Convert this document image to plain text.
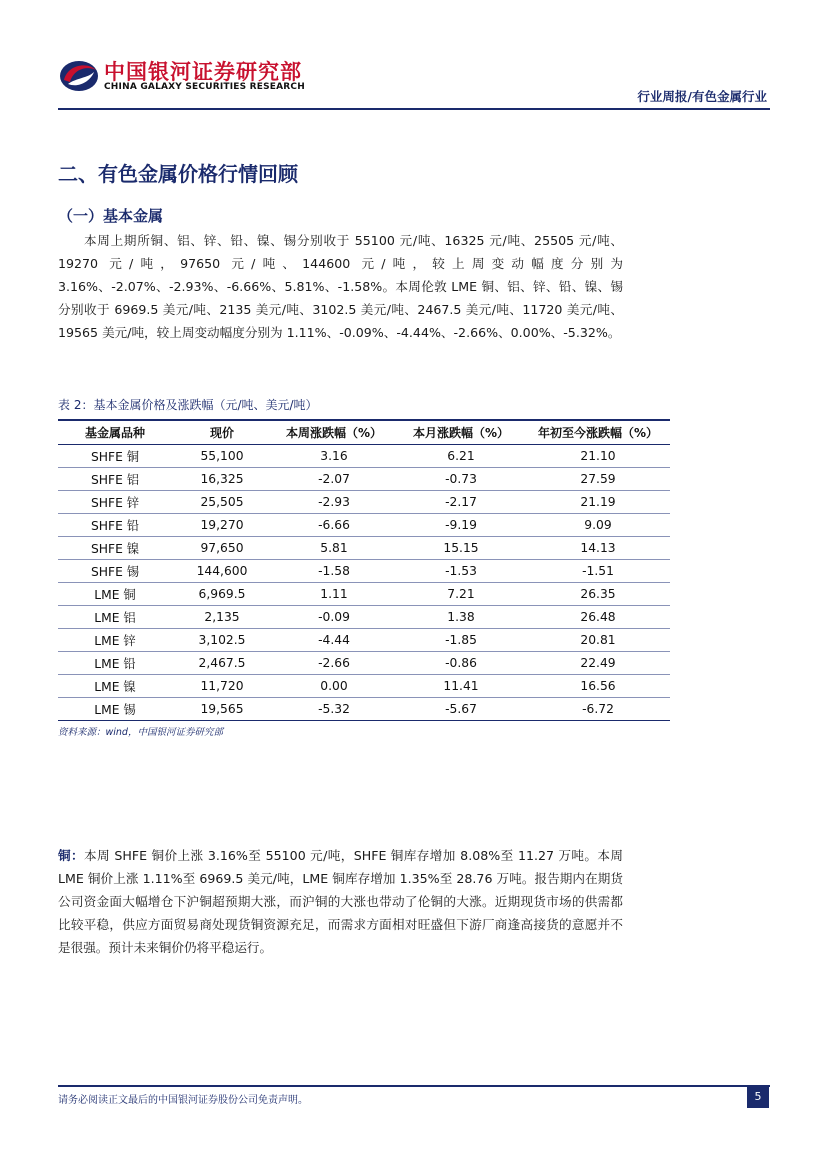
中国银河证券研究部
CHINA GALAXY SECURITIES RESEARCH
行业周报/有色金属行业
二、有色金属价格行情回顾
（一）基本金属

本周上期所铜、铝、锌、铅、镍、锡分别收于 55100 元/吨、16325 元/吨、25505 元/吨、19270 元/吨，97650 元/吨、144600 元/吨，较上周变动幅度分别为 3.16%、-2.07%、-2.93%、-6.66%、5.81%、-1.58%。本周伦敦 LME 铜、铝、锌、铅、镍、锡分别收于 6969.5 美元/吨、2135 美元/吨、3102.5 美元/吨、2467.5 美元/吨、11720 美元/吨、19565 美元/吨，较上周变动幅度分别为 1.11%、-0.09%、-4.44%、-2.66%、0.00%、-5.32%。

表 2：基本金属价格及涨跌幅（元/吨、美元/吨）
基金属品种	现价	本周涨跌幅（%）	本月涨跌幅（%）	年初至今涨跌幅（%）
SHFE 铜	55,100	3.16	6.21	21.10
SHFE 铝	16,325	-2.07	-0.73	27.59
SHFE 锌	25,505	-2.93	-2.17	21.19
SHFE 铅	19,270	-6.66	-9.19	9.09
SHFE 镍	97,650	5.81	15.15	14.13
SHFE 锡	144,600	-1.58	-1.53	-1.51
LME 铜	6,969.5	1.11	7.21	26.35
LME 铝	2,135	-0.09	1.38	26.48
LME 锌	3,102.5	-4.44	-1.85	20.81
LME 铅	2,467.5	-2.66	-0.86	22.49
LME 镍	11,720	0.00	11.41	16.56
LME 锡	19,565	-5.32	-5.67	-6.72
资料来源：wind，中国银河证券研究部

铜：本周 SHFE 铜价上涨 3.16%至 55100 元/吨，SHFE 铜库存增加 8.08%至 11.27 万吨。本周 LME 铜价上涨 1.11%至 6969.5 美元/吨，LME 铜库存增加 1.35%至 28.76 万吨。报告期内在期货公司资金面大幅增仓下沪铜超预期大涨，而沪铜的大涨也带动了伦铜的大涨。近期现货市场的供需都比较平稳，供应方面贸易商处现货铜资源充足，而需求方面相对旺盛但下游厂商逢高接货的意愿并不是很强。预计未来铜价仍将平稳运行。

请务必阅读正文最后的中国银河证券股份公司免责声明。	5
